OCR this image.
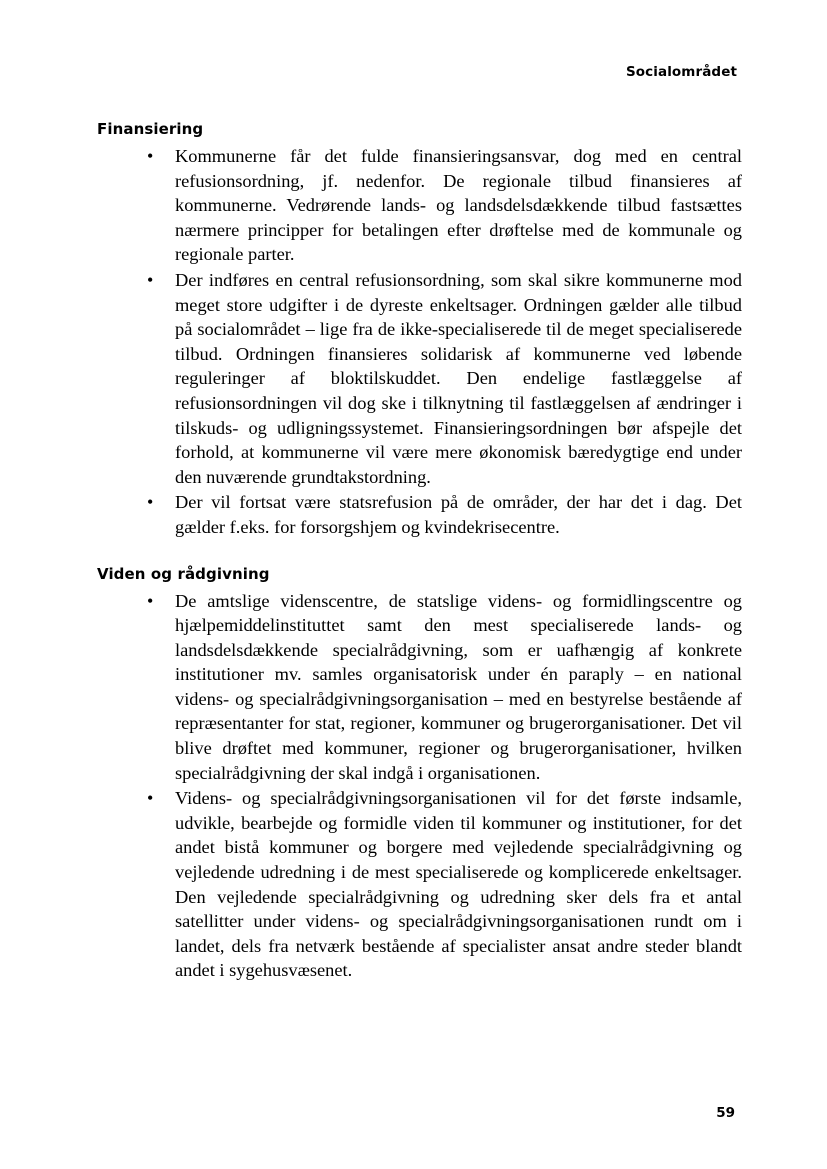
Socialområdet
Finansiering
• Kommunerne får det fulde finansieringsansvar, dog med en central refusionsordning, jf. nedenfor. De regionale tilbud finansieres af kommunerne. Vedrørende lands- og landsdelsdækkende tilbud fastsættes nærmere principper for betalingen efter drøftelse med de kommunale og regionale parter.
• Der indføres en central refusionsordning, som skal sikre kommunerne mod meget store udgifter i de dyreste enkeltsager. Ordningen gælder alle tilbud på socialområdet – lige fra de ikke-specialiserede til de meget specialiserede tilbud. Ordningen finansieres solidarisk af kommunerne ved løbende reguleringer af bloktilskuddet. Den endelige fastlæggelse af refusionsordningen vil dog ske i tilknytning til fastlæggelsen af ændringer i tilskuds- og udligningssystemet. Finansieringsordningen bør afspejle det forhold, at kommunerne vil være mere økonomisk bæredygtige end under den nuværende grundtakstordning.
• Der vil fortsat være statsrefusion på de områder, der har det i dag. Det gælder f.eks. for forsorgshjem og kvindekrisecentre.
Viden og rådgivning
• De amtslige videnscentre, de statslige videns- og formidlingscentre og hjælpemiddelinstituttet samt den mest specialiserede lands- og landsdelsdækkende specialrådgivning, som er uafhængig af konkrete institutioner mv. samles organisatorisk under én paraply – en national videns- og specialrådgivningsorganisation – med en bestyrelse bestående af repræsentanter for stat, regioner, kommuner og brugerorganisationer. Det vil blive drøftet med kommuner, regioner og brugerorganisationer, hvilken specialrådgivning der skal indgå i organisationen.
• Videns- og specialrådgivningsorganisationen vil for det første indsamle, udvikle, bearbejde og formidle viden til kommuner og institutioner, for det andet bistå kommuner og borgere med vejledende specialrådgivning og vejledende udredning i de mest specialiserede og komplicerede enkeltsager. Den vejledende specialrådgivning og udredning sker dels fra et antal satellitter under videns- og specialrådgivningsorganisationen rundt om i landet, dels fra netværk bestående af specialister ansat andre steder blandt andet i sygehusvæsenet.
59
